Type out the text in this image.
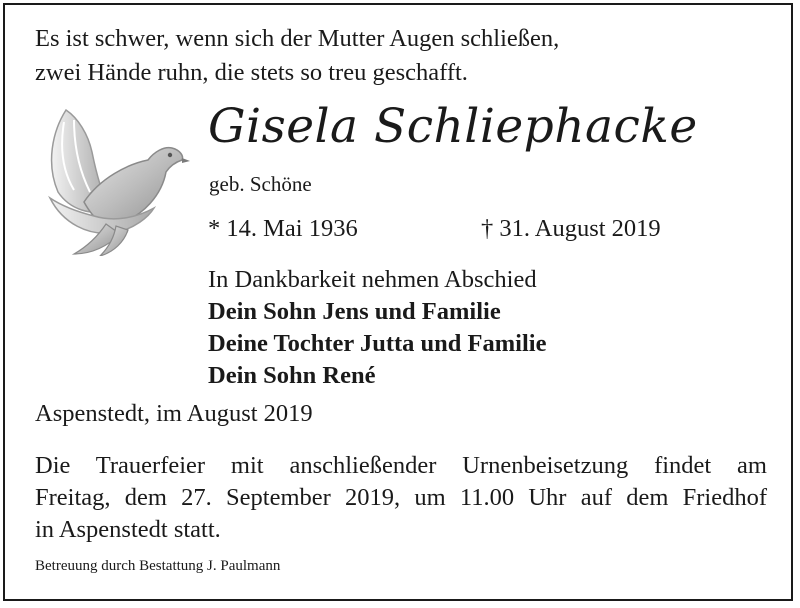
Es ist schwer, wenn sich der Mutter Augen schließen,
zwei Hände ruhn, die stets so treu geschafft.
Gisela Schliephacke
geb. Schöne
* 14. Mai 1936	† 31. August 2019
In Dankbarkeit nehmen Abschied
Dein Sohn Jens und Familie
Deine Tochter Jutta und Familie
Dein Sohn René
Aspenstedt, im August 2019
Die Trauerfeier mit anschließender Urnenbeisetzung findet am
Freitag, dem 27. September 2019, um 11.00 Uhr auf dem Friedhof
in Aspenstedt statt.
Betreuung durch Bestattung J. Paulmann
